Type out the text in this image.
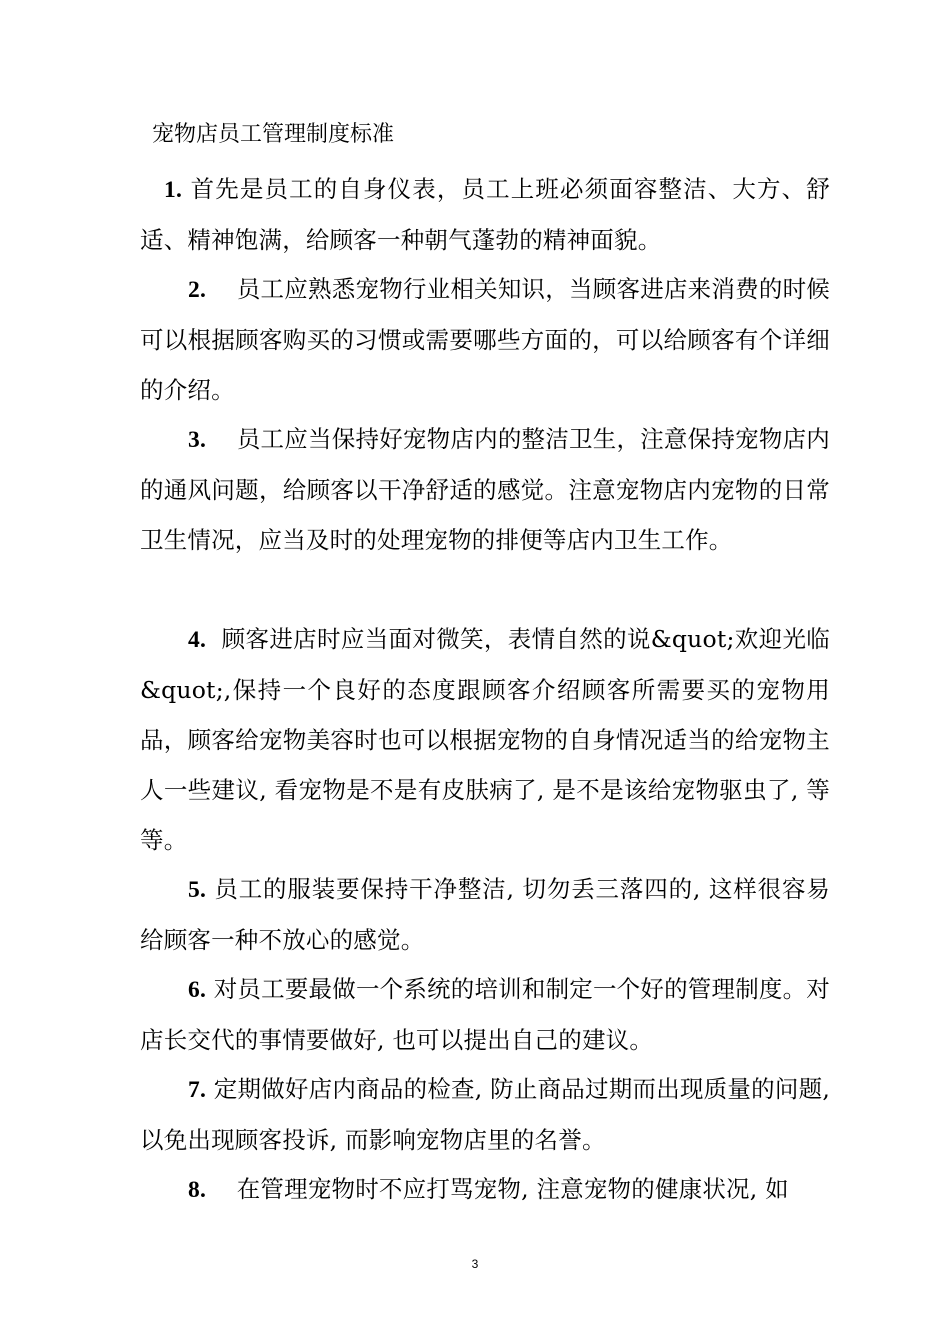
宠物店员工管理制度标准
1. 首先是员工的自身仪表，员工上班必须面容整洁、大方、舒适、精神饱满，给顾客一种朝气蓬勃的精神面貌。
2. 员工应熟悉宠物行业相关知识，当顾客进店来消费的时候可以根据顾客购买的习惯或需要哪些方面的，可以给顾客有个详细的介绍。
3. 员工应当保持好宠物店内的整洁卫生，注意保持宠物店内的通风问题，给顾客以干净舒适的感觉。注意宠物店内宠物的日常卫生情况，应当及时的处理宠物的排便等店内卫生工作。
4. 顾客进店时应当面对微笑，表情自然的说&quot;欢迎光临&quot;,保持一个良好的态度跟顾客介绍顾客所需要买的宠物用品，顾客给宠物美容时也可以根据宠物的自身情况适当的给宠物主人一些建议, 看宠物是不是有皮肤病了, 是不是该给宠物驱虫了, 等等。
5. 员工的服装要保持干净整洁, 切勿丢三落四的, 这样很容易给顾客一种不放心的感觉。
6. 对员工要最做一个系统的培训和制定一个好的管理制度。对店长交代的事情要做好, 也可以提出自己的建议。
7. 定期做好店内商品的检查, 防止商品过期而出现质量的问题, 以免出现顾客投诉, 而影响宠物店里的名誉。
8. 在管理宠物时不应打骂宠物, 注意宠物的健康状况, 如
3
